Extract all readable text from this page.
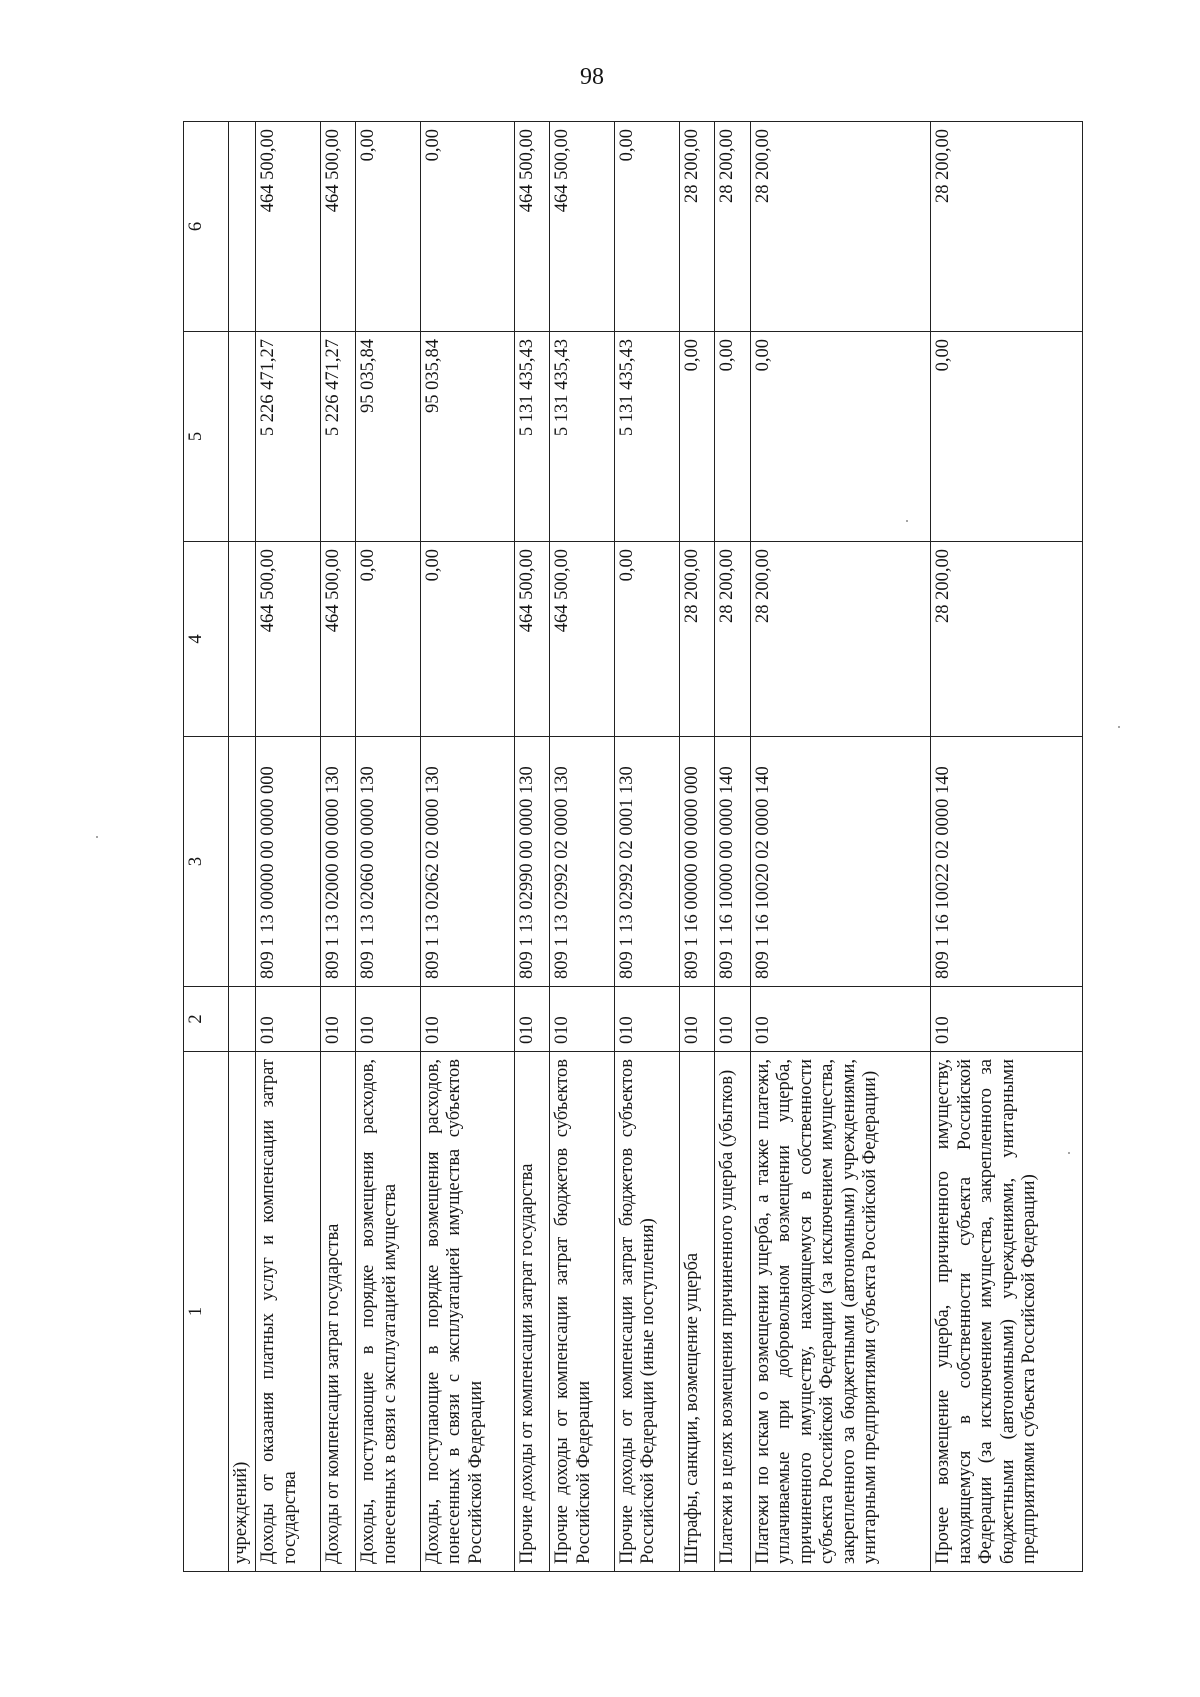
98
1	2	3	4	5	6
учреждений)					
Доходы от оказания платных услуг и компенсации затрат государства	010	809 1 13 00000 00 0000 000	464 500,00	5 226 471,27	464 500,00
Доходы от компенсации затрат государства	010	809 1 13 02000 00 0000 130	464 500,00	5 226 471,27	464 500,00
Доходы, поступающие в порядке возмещения расходов, понесенных в связи с эксплуатацией имущества	010	809 1 13 02060 00 0000 130	0,00	95 035,84	0,00
Доходы, поступающие в порядке возмещения расходов, понесенных в связи с эксплуатацией имущества субъектов Российской Федерации	010	809 1 13 02062 02 0000 130	0,00	95 035,84	0,00
Прочие доходы от компенсации затрат государства	010	809 1 13 02990 00 0000 130	464 500,00	5 131 435,43	464 500,00
Прочие доходы от компенсации затрат бюджетов субъектов Российской Федерации	010	809 1 13 02992 02 0000 130	464 500,00	5 131 435,43	464 500,00
Прочие доходы от компенсации затрат бюджетов субъектов Российской Федерации (иные поступления)	010	809 1 13 02992 02 0001 130	0,00	5 131 435,43	0,00
Штрафы, санкции, возмещение ущерба	010	809 1 16 00000 00 0000 000	28 200,00	0,00	28 200,00
Платежи в целях возмещения причиненного ущерба (убытков)	010	809 1 16 10000 00 0000 140	28 200,00	0,00	28 200,00
Платежи по искам о возмещении ущерба, а также платежи, уплачиваемые при добровольном возмещении ущерба, причиненного имуществу, находящемуся в собственности субъекта Российской Федерации (за исключением имущества, закрепленного за бюджетными (автономными) учреждениями, унитарными предприятиями субъекта Российской Федерации)	010	809 1 16 10020 02 0000 140	28 200,00	0,00	28 200,00
Прочее возмещение ущерба, причиненного имуществу, находящемуся в собственности субъекта Российской Федерации (за исключением имущества, закрепленного за бюджетными (автономными) учреждениями, унитарными предприятиями субъекта Российской Федерации)	010	809 1 16 10022 02 0000 140	28 200,00	0,00	28 200,00
